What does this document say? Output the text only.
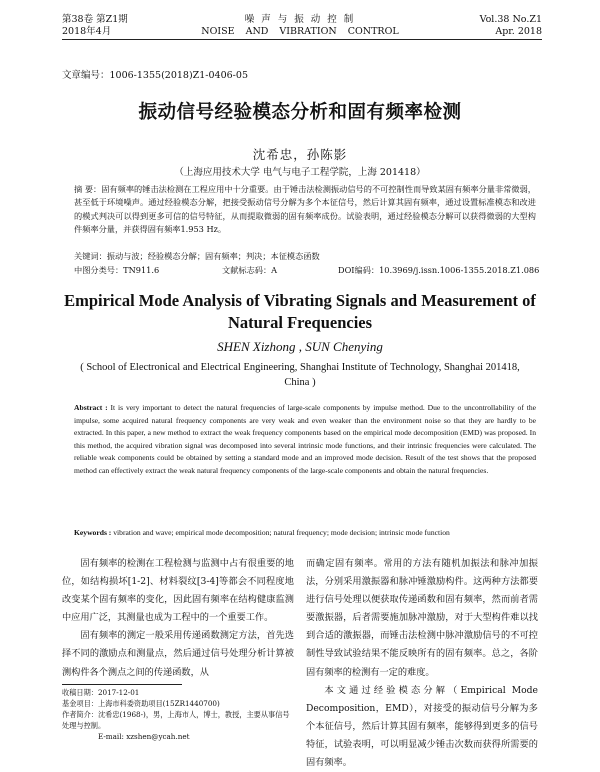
第38卷 第Z1期
2018年4月
噪 声 与 振 动 控 制
NOISE AND VIBRATION CONTROL
Vol.38 No.Z1
Apr. 2018
文章编号：1006-1355(2018)Z1-0406-05
振动信号经验模态分析和固有频率检测
沈希忠，孙陈影
（上海应用技术大学 电气与电子工程学院，上海 201418）
摘 要：固有频率的锤击法检测在工程应用中十分重要。由于锤击法检测振动信号的不可控制性而导致某固有频率分量非常微弱，甚至低于环境噪声。通过经验模态分解，把接受振动信号分解为多个本征信号，然后计算其固有频率，通过设置标准模态和改进的模式判决可以得到更多可信的信号特征，从而提取微弱的固有频率成份。试验表明，通过经验模态分解可以获得微弱的大型构件频率分量，并获得固有频率1.953 Hz。
关键词：振动与波；经验模态分解；固有频率；判决；本征模态函数
中图分类号：TN911.6	文献标志码：A	DOI编码：10.3969/j.issn.1006-1355.2018.Z1.086
Empirical Mode Analysis of Vibrating Signals and Measurement of Natural Frequencies
SHEN Xizhong , SUN Chenying
( School of Electronical and Electrical Engineering, Shanghai Institute of Technology, Shanghai 201418, China )
Abstract : It is very important to detect the natural frequencies of large-scale components by impulse method. Due to the uncontrollability of the impulse, some acquired natural frequency components are very weak and even weaker than the environment noise so that they are hardly to be extracted. In this paper, a new method to extract the weak frequency components based on the empirical mode decomposition (EMD) was proposed. In this method, the acquired vibration signal was decomposed into several intrinsic mode functions, and their intrinsic frequencies were calculated. The reliable weak components could be obtained by setting a standard mode and an improved mode decision. Result of the test shows that the proposed method can effectively extract the weak natural frequency components of the large-scale components and obtain the natural frequencies.
Keywords : vibration and wave; empirical mode decomposition; natural frequency; mode decision; intrinsic mode function

固有频率的检测在工程检测与监测中占有很重要的地位，如结构损坏[1-2]、材料裂纹[3-4]等都会不同程度地改变某个固有频率的变化，因此固有频率在结构健康监测中应用广泛，其测量也成为工程中的一个重要工作。

固有频率的测定一般采用传递函数测定方法，首先选择不同的激励点和测量点，然后通过信号处理分析计算被测构件各个测点之间的传递函数，从

收稿日期：2017-12-01
基金项目：上海市科委资助项目(15ZR1440700)
作者简介：沈希忠(1968-)，男，上海市人，博士，教授，主要从事信号处理与控制。
E-mail: xzshen@ycah.net

而确定固有频率。常用的方法有随机加振法和脉冲加振法，分别采用激振器和脉冲锤激励构件。这两种方法都要进行信号处理以便获取传递函数和固有频率，然而前者需要激振器，后者需要施加脉冲激励，对于大型构件难以找到合适的激振器，而锤击法检测中脉冲激励信号的不可控制性导致试验结果不能反映所有的固有频率。总之，各阶固有频率的检测有一定的难度。

本文通过经验模态分解（Empirical Mode Decomposition，EMD），对接受的振动信号分解为多个本征信号，然后计算其固有频率，能够得到更多的信号特征，试验表明，可以明显减少锤击次数而获得所需要的固有频率。
